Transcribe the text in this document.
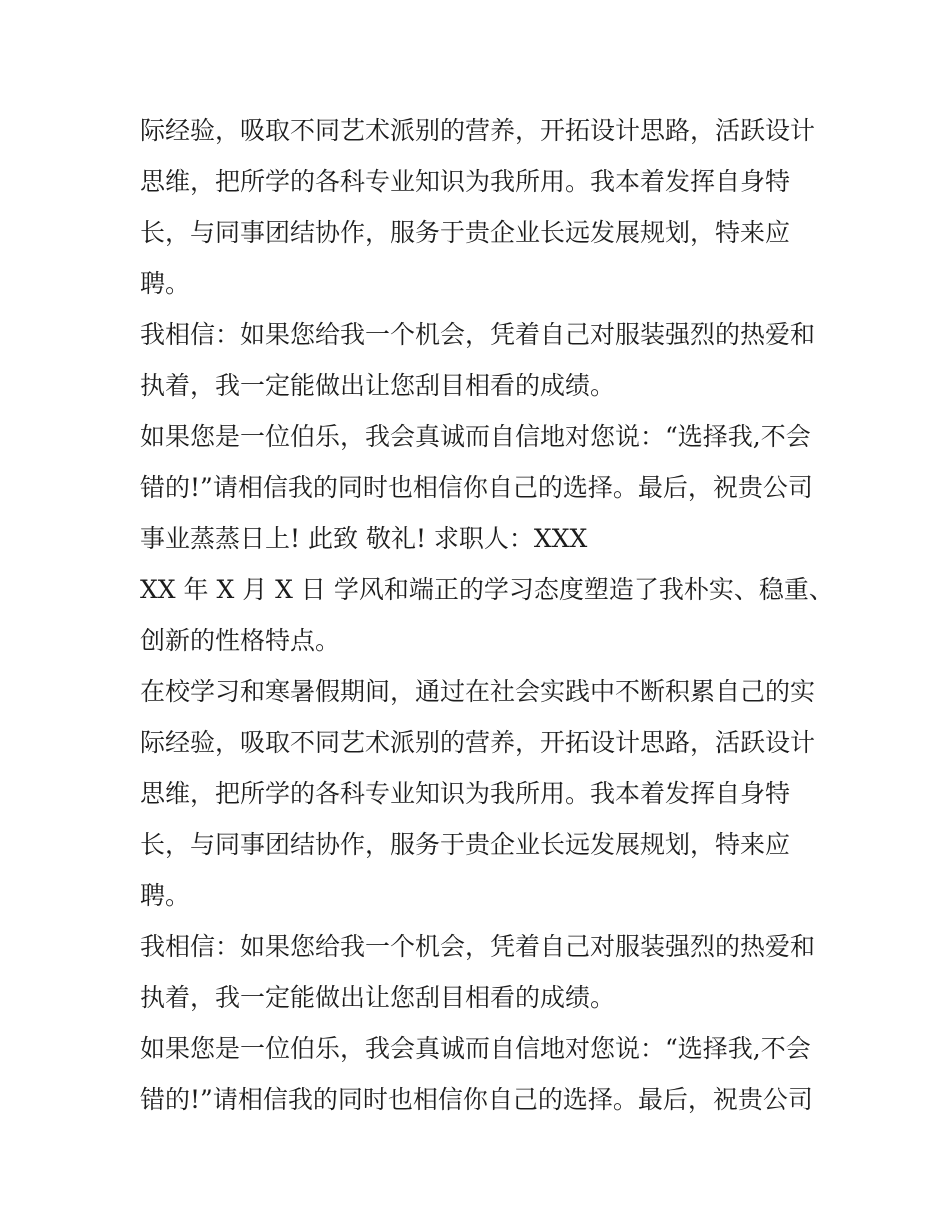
际经验，吸取不同艺术派别的营养，开拓设计思路，活跃设计
思维，把所学的各科专业知识为我所用。我本着发挥自身特
长，与同事团结协作，服务于贵企业长远发展规划，特来应
聘。
我相信：如果您给我一个机会，凭着自己对服装强烈的热爱和
执着，我一定能做出让您刮目相看的成绩。
如果您是一位伯乐，我会真诚而自信地对您说：“选择我,不会
错的!”请相信我的同时也相信你自己的选择。最后，祝贵公司
事业蒸蒸日上! 此致 敬礼! 求职人：XXX
XX 年 X 月 X 日 学风和端正的学习态度塑造了我朴实、稳重、
创新的性格特点。
在校学习和寒暑假期间，通过在社会实践中不断积累自己的实
际经验，吸取不同艺术派别的营养，开拓设计思路，活跃设计
思维，把所学的各科专业知识为我所用。我本着发挥自身特
长，与同事团结协作，服务于贵企业长远发展规划，特来应
聘。
我相信：如果您给我一个机会，凭着自己对服装强烈的热爱和
执着，我一定能做出让您刮目相看的成绩。
如果您是一位伯乐，我会真诚而自信地对您说：“选择我,不会
错的!”请相信我的同时也相信你自己的选择。最后，祝贵公司
